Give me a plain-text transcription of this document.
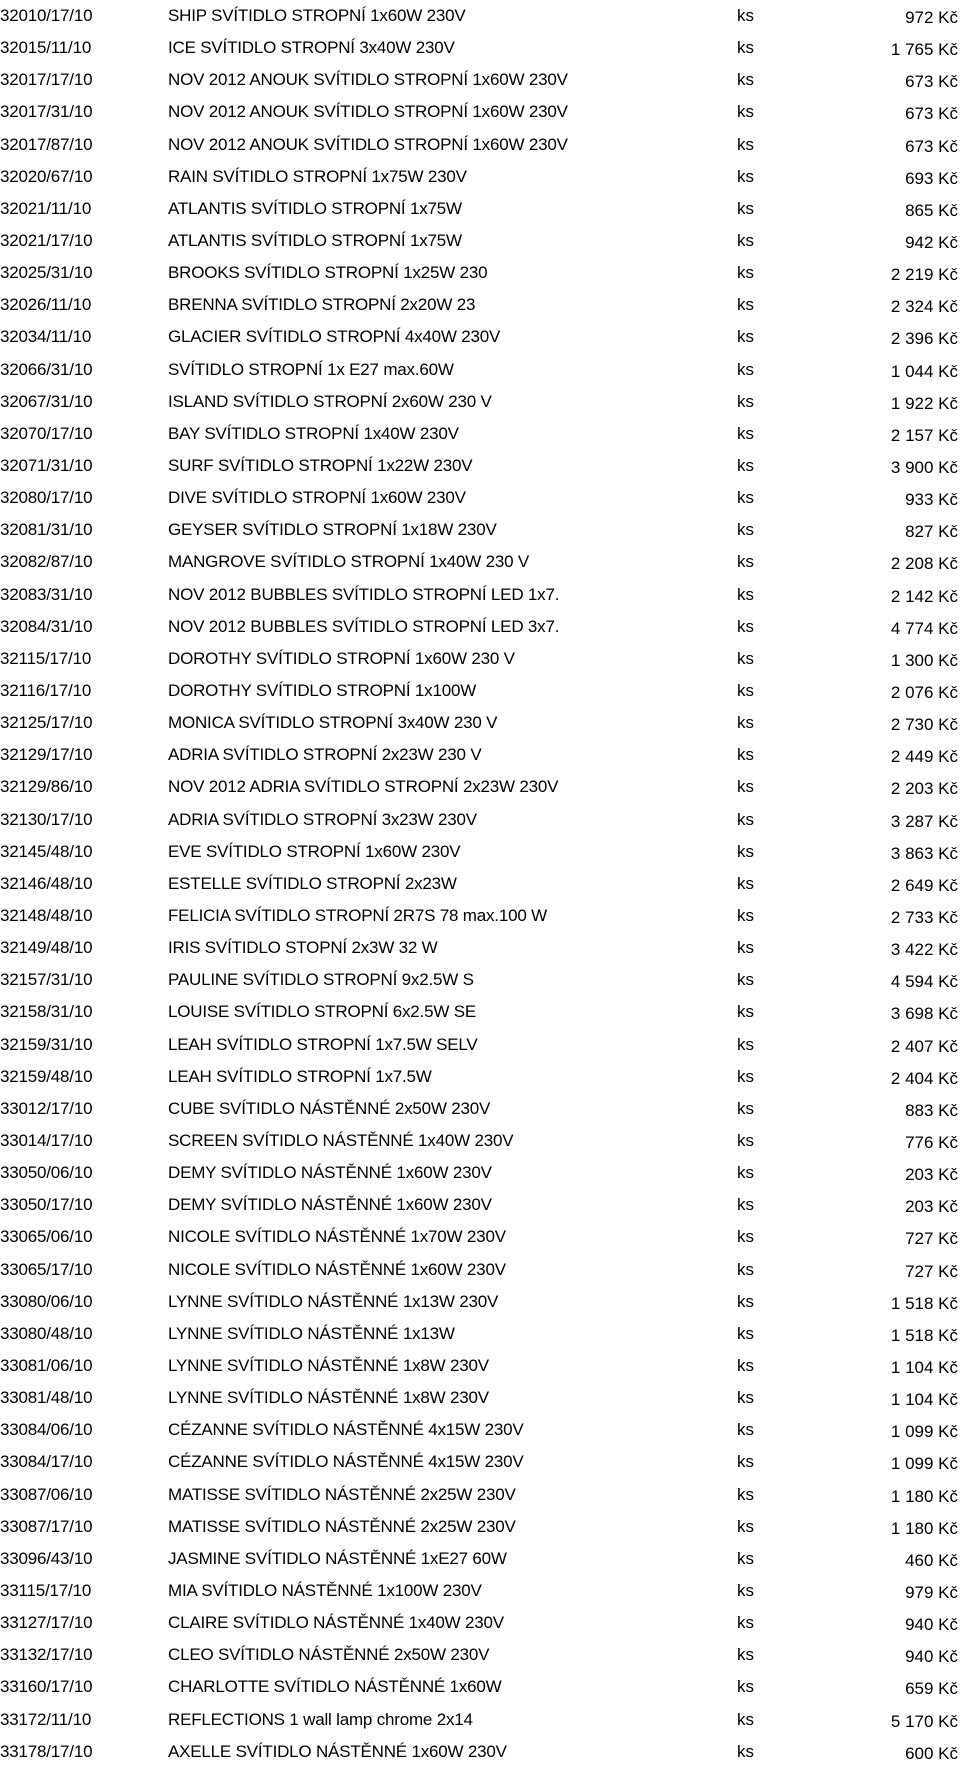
32010/17/10	SHIP SVÍTIDLO STROPNÍ 1x60W 230V	ks	972 Kč
32015/11/10	ICE SVÍTIDLO STROPNÍ 3x40W 230V	ks	1 765 Kč
32017/17/10	NOV 2012 ANOUK SVÍTIDLO STROPNÍ 1x60W 230V	ks	673 Kč
32017/31/10	NOV 2012 ANOUK SVÍTIDLO STROPNÍ 1x60W 230V	ks	673 Kč
32017/87/10	NOV 2012 ANOUK SVÍTIDLO STROPNÍ 1x60W 230V	ks	673 Kč
32020/67/10	RAIN SVÍTIDLO STROPNÍ 1x75W 230V	ks	693 Kč
32021/11/10	ATLANTIS SVÍTIDLO STROPNÍ 1x75W	ks	865 Kč
32021/17/10	ATLANTIS SVÍTIDLO STROPNÍ 1x75W	ks	942 Kč
32025/31/10	BROOKS SVÍTIDLO STROPNÍ 1x25W 230	ks	2 219 Kč
32026/11/10	BRENNA SVÍTIDLO STROPNÍ 2x20W 23	ks	2 324 Kč
32034/11/10	GLACIER SVÍTIDLO STROPNÍ 4x40W 230V	ks	2 396 Kč
32066/31/10	SVÍTIDLO STROPNÍ 1x E27 max.60W	ks	1 044 Kč
32067/31/10	ISLAND SVÍTIDLO STROPNÍ 2x60W 230 V	ks	1 922 Kč
32070/17/10	BAY SVÍTIDLO STROPNÍ 1x40W 230V	ks	2 157 Kč
32071/31/10	SURF SVÍTIDLO STROPNÍ 1x22W 230V	ks	3 900 Kč
32080/17/10	DIVE SVÍTIDLO STROPNÍ 1x60W 230V	ks	933 Kč
32081/31/10	GEYSER SVÍTIDLO STROPNÍ 1x18W 230V	ks	827 Kč
32082/87/10	MANGROVE SVÍTIDLO STROPNÍ 1x40W 230 V	ks	2 208 Kč
32083/31/10	NOV 2012 BUBBLES SVÍTIDLO STROPNÍ LED 1x7.	ks	2 142 Kč
32084/31/10	NOV 2012 BUBBLES SVÍTIDLO STROPNÍ LED 3x7.	ks	4 774 Kč
32115/17/10	DOROTHY SVÍTIDLO STROPNÍ 1x60W 230 V	ks	1 300 Kč
32116/17/10	DOROTHY SVÍTIDLO STROPNÍ 1x100W	ks	2 076 Kč
32125/17/10	MONICA SVÍTIDLO STROPNÍ 3x40W 230 V	ks	2 730 Kč
32129/17/10	ADRIA SVÍTIDLO STROPNÍ 2x23W 230 V	ks	2 449 Kč
32129/86/10	NOV 2012 ADRIA SVÍTIDLO STROPNÍ 2x23W 230V	ks	2 203 Kč
32130/17/10	ADRIA SVÍTIDLO STROPNÍ 3x23W 230V	ks	3 287 Kč
32145/48/10	EVE SVÍTIDLO STROPNÍ 1x60W 230V	ks	3 863 Kč
32146/48/10	ESTELLE SVÍTIDLO STROPNÍ 2x23W	ks	2 649 Kč
32148/48/10	FELICIA SVÍTIDLO STROPNÍ 2R7S 78 max.100 W	ks	2 733 Kč
32149/48/10	IRIS SVÍTIDLO STOPNÍ 2x3W 32 W	ks	3 422 Kč
32157/31/10	PAULINE SVÍTIDLO STROPNÍ 9x2.5W S	ks	4 594 Kč
32158/31/10	LOUISE SVÍTIDLO STROPNÍ 6x2.5W SE	ks	3 698 Kč
32159/31/10	LEAH SVÍTIDLO STROPNÍ 1x7.5W SELV	ks	2 407 Kč
32159/48/10	LEAH SVÍTIDLO STROPNÍ 1x7.5W	ks	2 404 Kč
33012/17/10	CUBE SVÍTIDLO NÁSTĚNNÉ 2x50W 230V	ks	883 Kč
33014/17/10	SCREEN SVÍTIDLO NÁSTĚNNÉ 1x40W 230V	ks	776 Kč
33050/06/10	DEMY SVÍTIDLO NÁSTĚNNÉ 1x60W 230V	ks	203 Kč
33050/17/10	DEMY SVÍTIDLO NÁSTĚNNÉ 1x60W 230V	ks	203 Kč
33065/06/10	NICOLE SVÍTIDLO NÁSTĚNNÉ 1x70W 230V	ks	727 Kč
33065/17/10	NICOLE SVÍTIDLO NÁSTĚNNÉ 1x60W 230V	ks	727 Kč
33080/06/10	LYNNE SVÍTIDLO NÁSTĚNNÉ 1x13W 230V	ks	1 518 Kč
33080/48/10	LYNNE SVÍTIDLO NÁSTĚNNÉ 1x13W	ks	1 518 Kč
33081/06/10	LYNNE SVÍTIDLO NÁSTĚNNÉ 1x8W 230V	ks	1 104 Kč
33081/48/10	LYNNE SVÍTIDLO NÁSTĚNNÉ 1x8W 230V	ks	1 104 Kč
33084/06/10	CÉZANNE SVÍTIDLO NÁSTĚNNÉ 4x15W 230V	ks	1 099 Kč
33084/17/10	CÉZANNE SVÍTIDLO NÁSTĚNNÉ 4x15W 230V	ks	1 099 Kč
33087/06/10	MATISSE SVÍTIDLO NÁSTĚNNÉ 2x25W 230V	ks	1 180 Kč
33087/17/10	MATISSE SVÍTIDLO NÁSTĚNNÉ 2x25W 230V	ks	1 180 Kč
33096/43/10	JASMINE SVÍTIDLO NÁSTĚNNÉ 1xE27 60W	ks	460 Kč
33115/17/10	MIA SVÍTIDLO NÁSTĚNNÉ 1x100W 230V	ks	979 Kč
33127/17/10	CLAIRE SVÍTIDLO NÁSTĚNNÉ 1x40W 230V	ks	940 Kč
33132/17/10	CLEO SVÍTIDLO NÁSTĚNNÉ 2x50W 230V	ks	940 Kč
33160/17/10	CHARLOTTE SVÍTIDLO NÁSTĚNNÉ 1x60W	ks	659 Kč
33172/11/10	REFLECTIONS 1 wall lamp chrome 2x14	ks	5 170 Kč
33178/17/10	AXELLE SVÍTIDLO NÁSTĚNNÉ 1x60W 230V	ks	600 Kč
